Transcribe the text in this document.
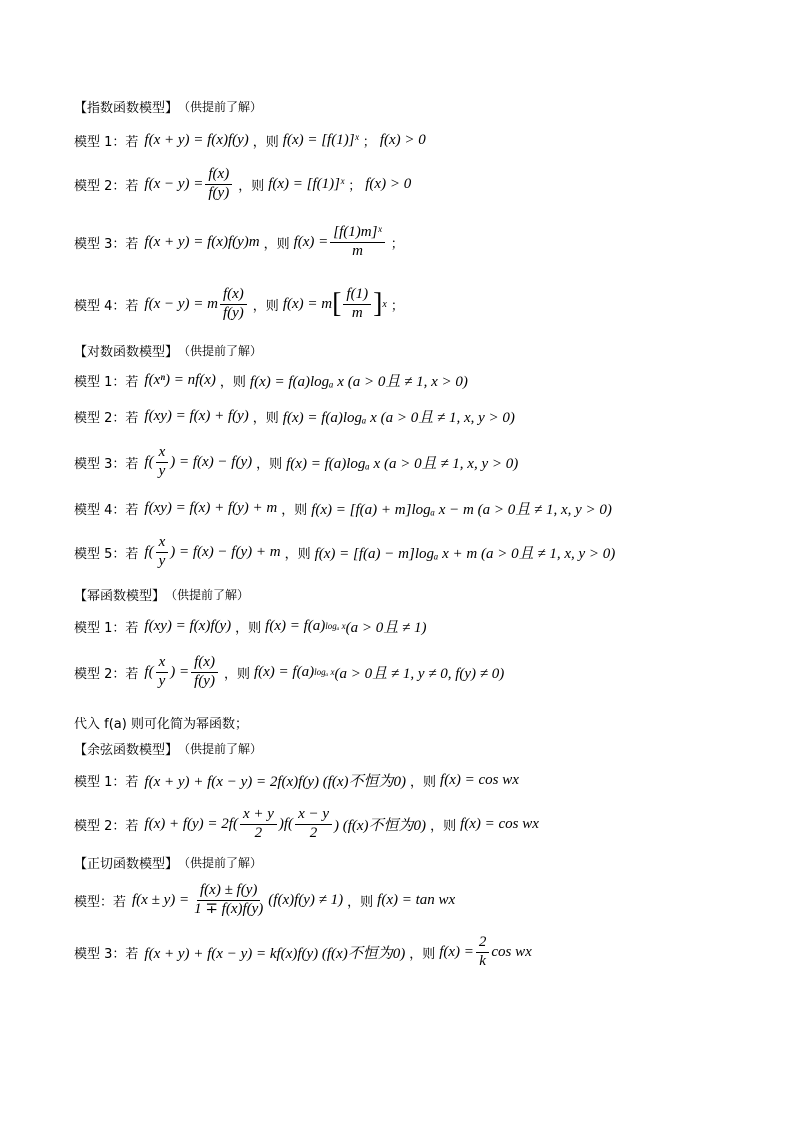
【指数函数模型】 （供提前了解）
模型 1：若 f(x + y) = f(x)f(y) ，则 f(x) = [f(1)]ˣ ； f(x) > 0
模型 2：若 $f(x - y) = \frac{f(x)}{f(y)}$ ，则 f(x) = [f(1)]ˣ ； f(x) > 0
模型 3：若 f(x + y) = f(x)f(y)m ，则 $f(x) = \frac{\text{[f(1)m]ˣ}}{m}$ ；
模型 4：若 f(x − y) = m $\frac{f(x)}{f(y)}$ ，则 f(x) = m [ $\frac{f(1)}{m}$ ] x ；
【对数函数模型】 （供提前了解）
模型 1：若 f(xⁿ) = nf(x) ，则 f(x) = f(a)logₐ x (a > 0且 ≠ 1, x > 0)
模型 2：若 f(xy) = f(x) + f(y) ，则 f(x) = f(a)logₐ x (a > 0且 ≠ 1, x, y > 0)
模型 3：若 $f( \frac{x}{y}$ ) = f(x) − f(y) ，则 f(x) = f(a)logₐ x (a > 0且 ≠ 1, x, y > 0)
模型 4：若 f(xy) = f(x) + f(y) + m ，则 f(x) = [f(a) + m]logₐ x − m (a > 0且 ≠ 1, x, y > 0)
模型 5：若 $f( \frac{x}{y}$ ) = f(x) − f(y) + m ，则 f(x) = [f(a) − m]logₐ x + m (a > 0且 ≠ 1, x, y > 0)
【幂函数模型】 （供提前了解）
模型 1：若 f(xy) = f(x)f(y) ，则 f(x) = f(a) logₐ x (a > 0且 ≠ 1)
模型 2：若 $f( \frac{x}{y}$ ) = $\frac{f(x)}{f(y)}$ ，则 f(x) = f(a) logₐ x (a > 0且 ≠ 1, y ≠ 0, f(y) ≠ 0)
代入 f(a) 则可化简为幂函数；
【余弦函数模型】 （供提前了解）
模型 1：若 f(x + y) + f(x − y) = 2f(x)f(y) (f(x)不恒为0) ，则 f(x) = cos wx
模型 2：若 $f(x) + f(y) = 2f( \frac{x + y}{2} )f( \frac{x - y}{2}$ ) (f(x)不恒为0) ，则 f(x) = cos wx
【正切函数模型】 （供提前了解）
模型：若 $f(x \pm y) = \frac{f(x) \pm f(y)}{1 \mp f(x)f(y)} (f(x)f(y) \ne 1)$ ，则 f(x) = tan wx
模型 3：若 f(x + y) + f(x − y) = kf(x)f(y) (f(x)不恒为0) ，则 $f(x) = \frac{2}{k}$ cos wx
